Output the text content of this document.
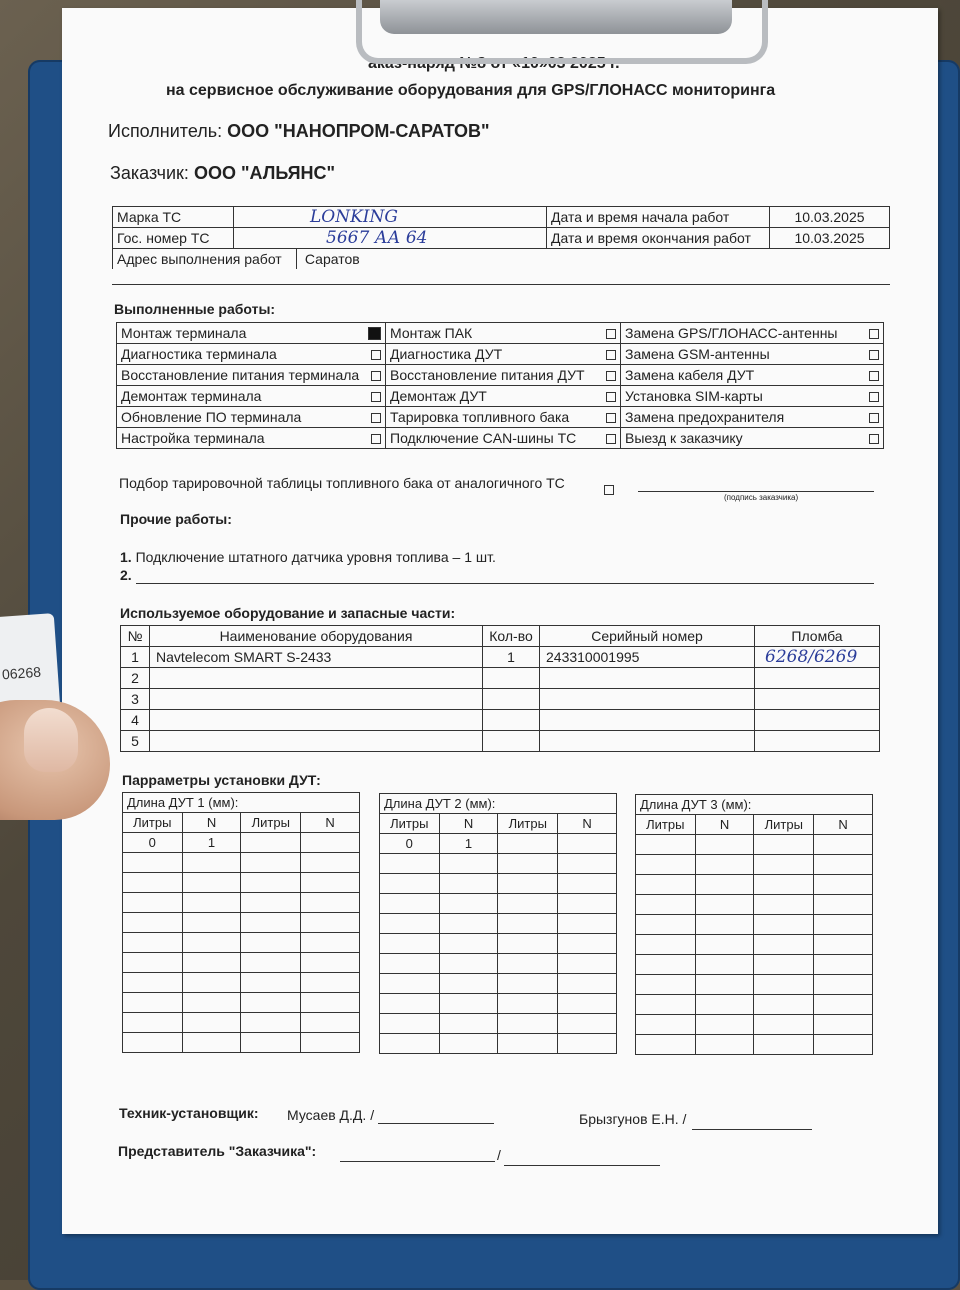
06268
аказ-наряд №8 от «10»03 2025 г.
на сервисное обслуживание оборудования для GPS/ГЛОНАСС мониторинга
Исполнитель: ООО "НАНОПРОМ-САРАТОВ"
Заказчик: ООО "АЛЬЯНС"
Марка ТС	LONKING	Дата и время начала работ	10.03.2025
Гос. номер ТС	5667 АА 64	Дата и время окончания работ	10.03.2025
Адрес выполнения работ Саратов			
Выполненные работы:
Монтаж терминала	Монтаж ПАК	Замена GPS/ГЛОНАСС-антенны

Диагностика терминала	Диагностика ДУТ	Замена GSM-антенны

Восстановление питания терминала	Восстановление питания ДУТ	Замена кабеля ДУТ

Демонтаж терминала	Демонтаж ДУТ	Установка SIM-карты

Обновление ПО терминала	Тарировка топливного бака	Замена предохранителя

Настройка терминала	Подключение CAN-шины ТС	Выезд к заказчику
Подбор тарировочной таблицы топливного бака от аналогичного ТС
(подпись заказчика)
Прочие работы:
1. Подключение штатного датчика уровня топлива – 1 шт.
2.
Используемое оборудование и запасные части:
№	Наименование оборудования	Кол-во	Серийный номер	Пломба
1	Navtelecom SMART S-2433	1	243310001995	6268/6269
2				
3				
4				
5				
Парраметры установки ДУТ:
Длина ДУТ 1 (мм):			
Литры	N	Литры	N
0	1		

Длина ДУТ 2 (мм):			
Литры	N	Литры	N
0	1		

Длина ДУТ 3 (мм):			
Литры	N	Литры	N

Техник-установщик: Мусаев Д.Д. /	Брызгунов Е.Н. /
Представитель "Заказчика":	/
